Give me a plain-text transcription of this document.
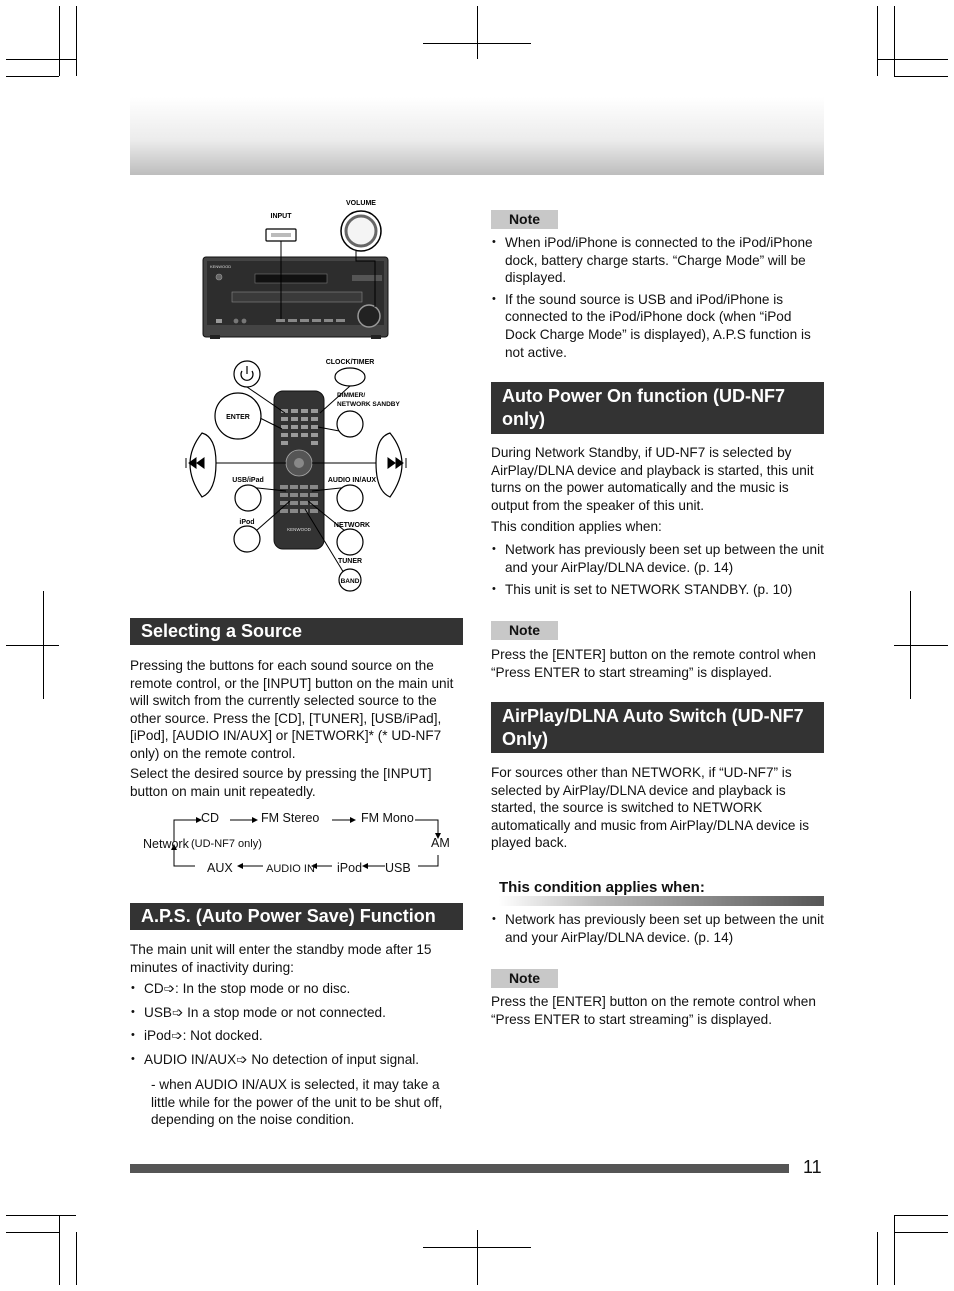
KENWOOD
INPUT
VOLUME
KENWOOD
CLOCK/TIMER
DIMMER/
NETWORK SANDBY
ENTER
USB/iPad	AUDIO IN/AUX
iPod	NETWORK
TUNER
BAND
Selecting a Source

Pressing the buttons for each sound source on the remote control, or the [INPUT] button on the main unit will switch from the currently selected source to the other source. Press the [CD], [TUNER], [USB/iPad], [iPod], [AUDIO IN/AUX] or [NETWORK]* (* UD-NF7 only) on the remote control.

Select the desired source by pressing the [INPUT] button on main unit repeatedly.

CD	FM Stereo	FM Mono
AM
Network (UD-NF7 only)
AUX	AUDIO IN iPod USB
A.P.S. (Auto Power Save) Function

The main unit will enter the standby mode after 15 minutes of inactivity during:

• CD➩: In the stop mode or no disc.
• USB➩ In a stop mode or not connected.
• iPod➩: Not docked.
• AUDIO IN/AUX➩ No detection of input signal.

- when AUDIO IN/AUX is selected, it may take a little while for the power of the unit to be shut off, depending on the noise condition.

Note
• When iPod/iPhone is connected to the iPod/iPhone dock, battery charge starts. “Charge Mode” will be displayed.
• If the sound source is USB and iPod/iPhone is connected to the iPod/iPhone dock (when “iPod Dock Charge Mode” is displayed), A.P.S function is not active.
Auto Power On function (UD-NF7 only)

During Network Standby, if UD-NF7 is selected by AirPlay/DLNA device and playback is started, this unit turns on the power automatically and the music is output from the speaker of this unit.

This condition applies when:

• Network has previously been set up between the unit and your AirPlay/DLNA device. (p. 14)
• This unit is set to NETWORK STANDBY. (p. 10)
Note

Press the [ENTER] button on the remote control when “Press ENTER to start streaming” is displayed.

AirPlay/DLNA Auto Switch (UD-NF7 Only)

For sources other than NETWORK, if “UD-NF7” is selected by AirPlay/DLNA device and playback is started, the source is switched to NETWORK automatically and music from AirPlay/DLNA device is played back.

This condition applies when:
• Network has previously been set up between the unit and your AirPlay/DLNA device. (p. 14)
Note

Press the [ENTER] button on the remote control when “Press ENTER to start streaming” is displayed.

11
